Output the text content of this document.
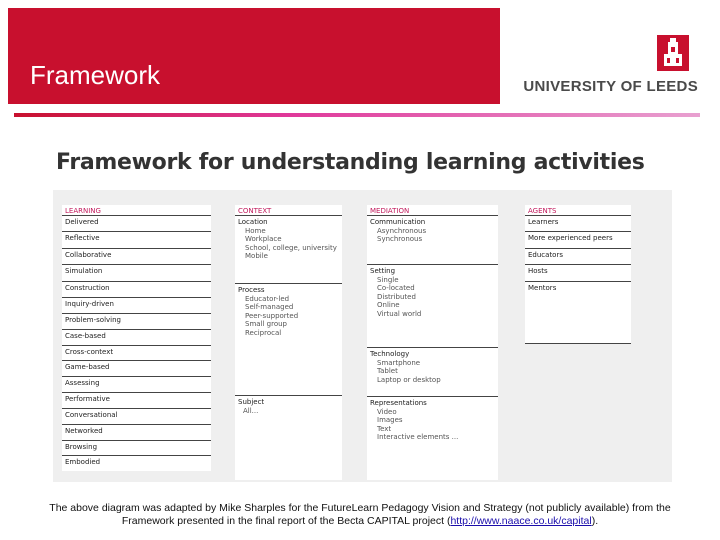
Framework	UNIVERSITY OF LEEDS
Framework for understanding learning activities
LEARNING
Delivered
Reflective
Collaborative
Simulation
Construction
Inquiry-driven
Problem-solving
Case-based
Cross-context
Game-based
Assessing
Performative
Conversational
Networked
Browsing
Embodied
CONTEXT
Location
Home
Workplace
School, college, university
Mobile
Process
Educator-led
Self-managed
Peer-supported
Small group
Reciprocal
Subject
All...
MEDIATION
Communication
Asynchronous
Synchronous
Setting
Single
Co-located
Distributed
Online
Virtual world
Technology
Smartphone
Tablet
Laptop or desktop
Representations
Video
Images
Text
Interactive elements ...
AGENTS
Learners
More experienced peers
Educators
Hosts
Mentors
The above diagram was adapted by Mike Sharples for the FutureLearn Pedagogy Vision and Strategy (not publicly available) from the
Framework presented in the final report of the Becta CAPITAL project (http://www.naace.co.uk/capital).
